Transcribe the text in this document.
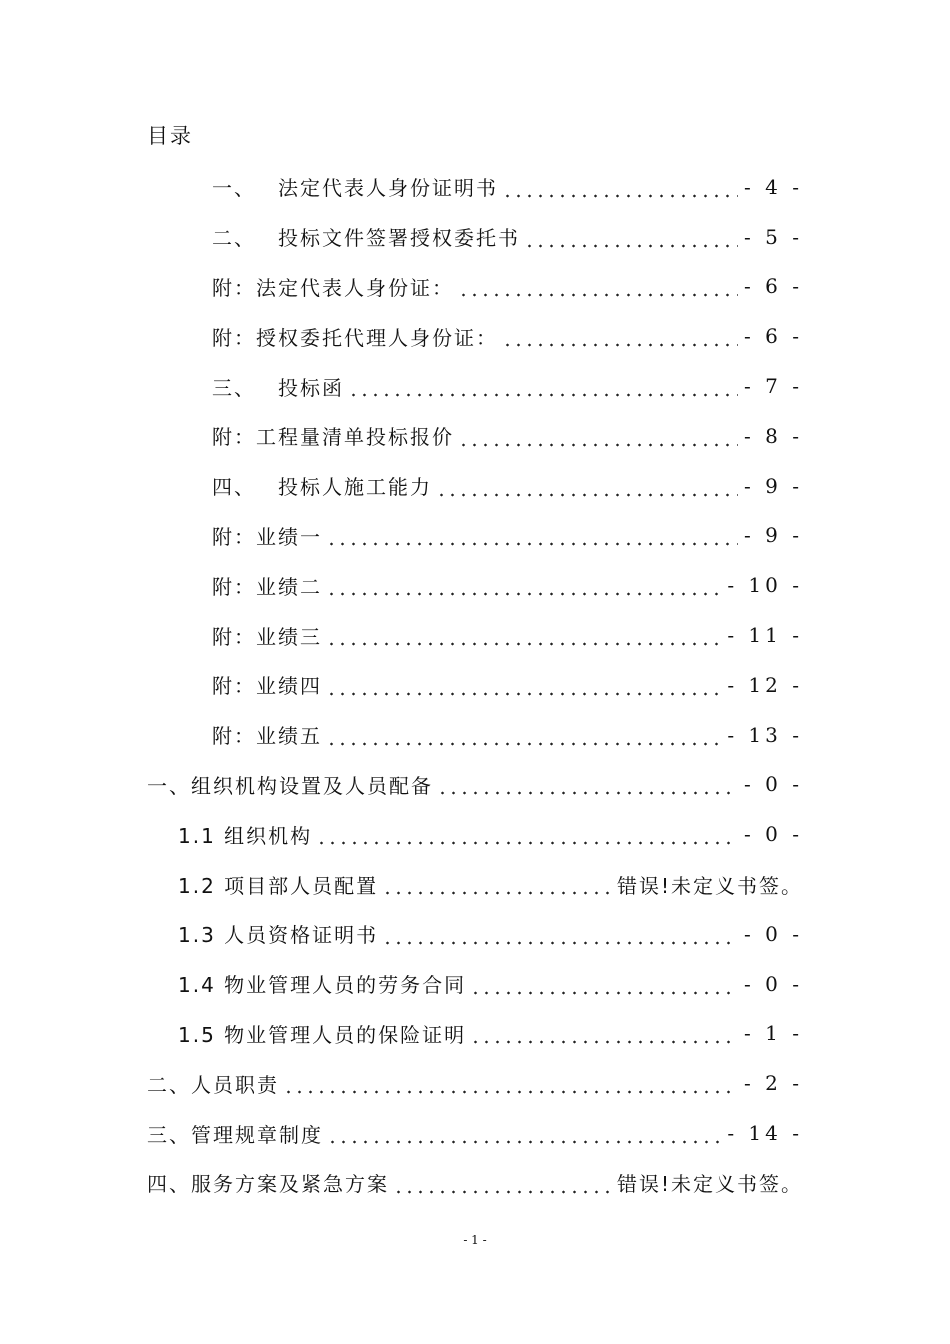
目录
一、	法定代表人身份证明书	- 4 -
二、	投标文件签署授权委托书	- 5 -
附：法定代表人身份证：	- 6 -
附：授权委托代理人身份证：	- 6 -
三、	投标函	- 7 -
附：工程量清单投标报价	- 8 -
四、	投标人施工能力	- 9 -
附：业绩一	- 9 -
附：业绩二	- 10 -
附：业绩三	- 11 -
附：业绩四	- 12 -
附：业绩五	- 13 -
一、组织机构设置及人员配备	- 0 -
1.1 组织机构	- 0 -
1.2 项目部人员配置	错误!未定义书签。
1.3 人员资格证明书	- 0 -
1.4 物业管理人员的劳务合同	- 0 -
1.5 物业管理人员的保险证明	- 1 -
二、人员职责	- 2 -
三、管理规章制度	- 14 -
四、服务方案及紧急方案	错误!未定义书签。
- 1 -
